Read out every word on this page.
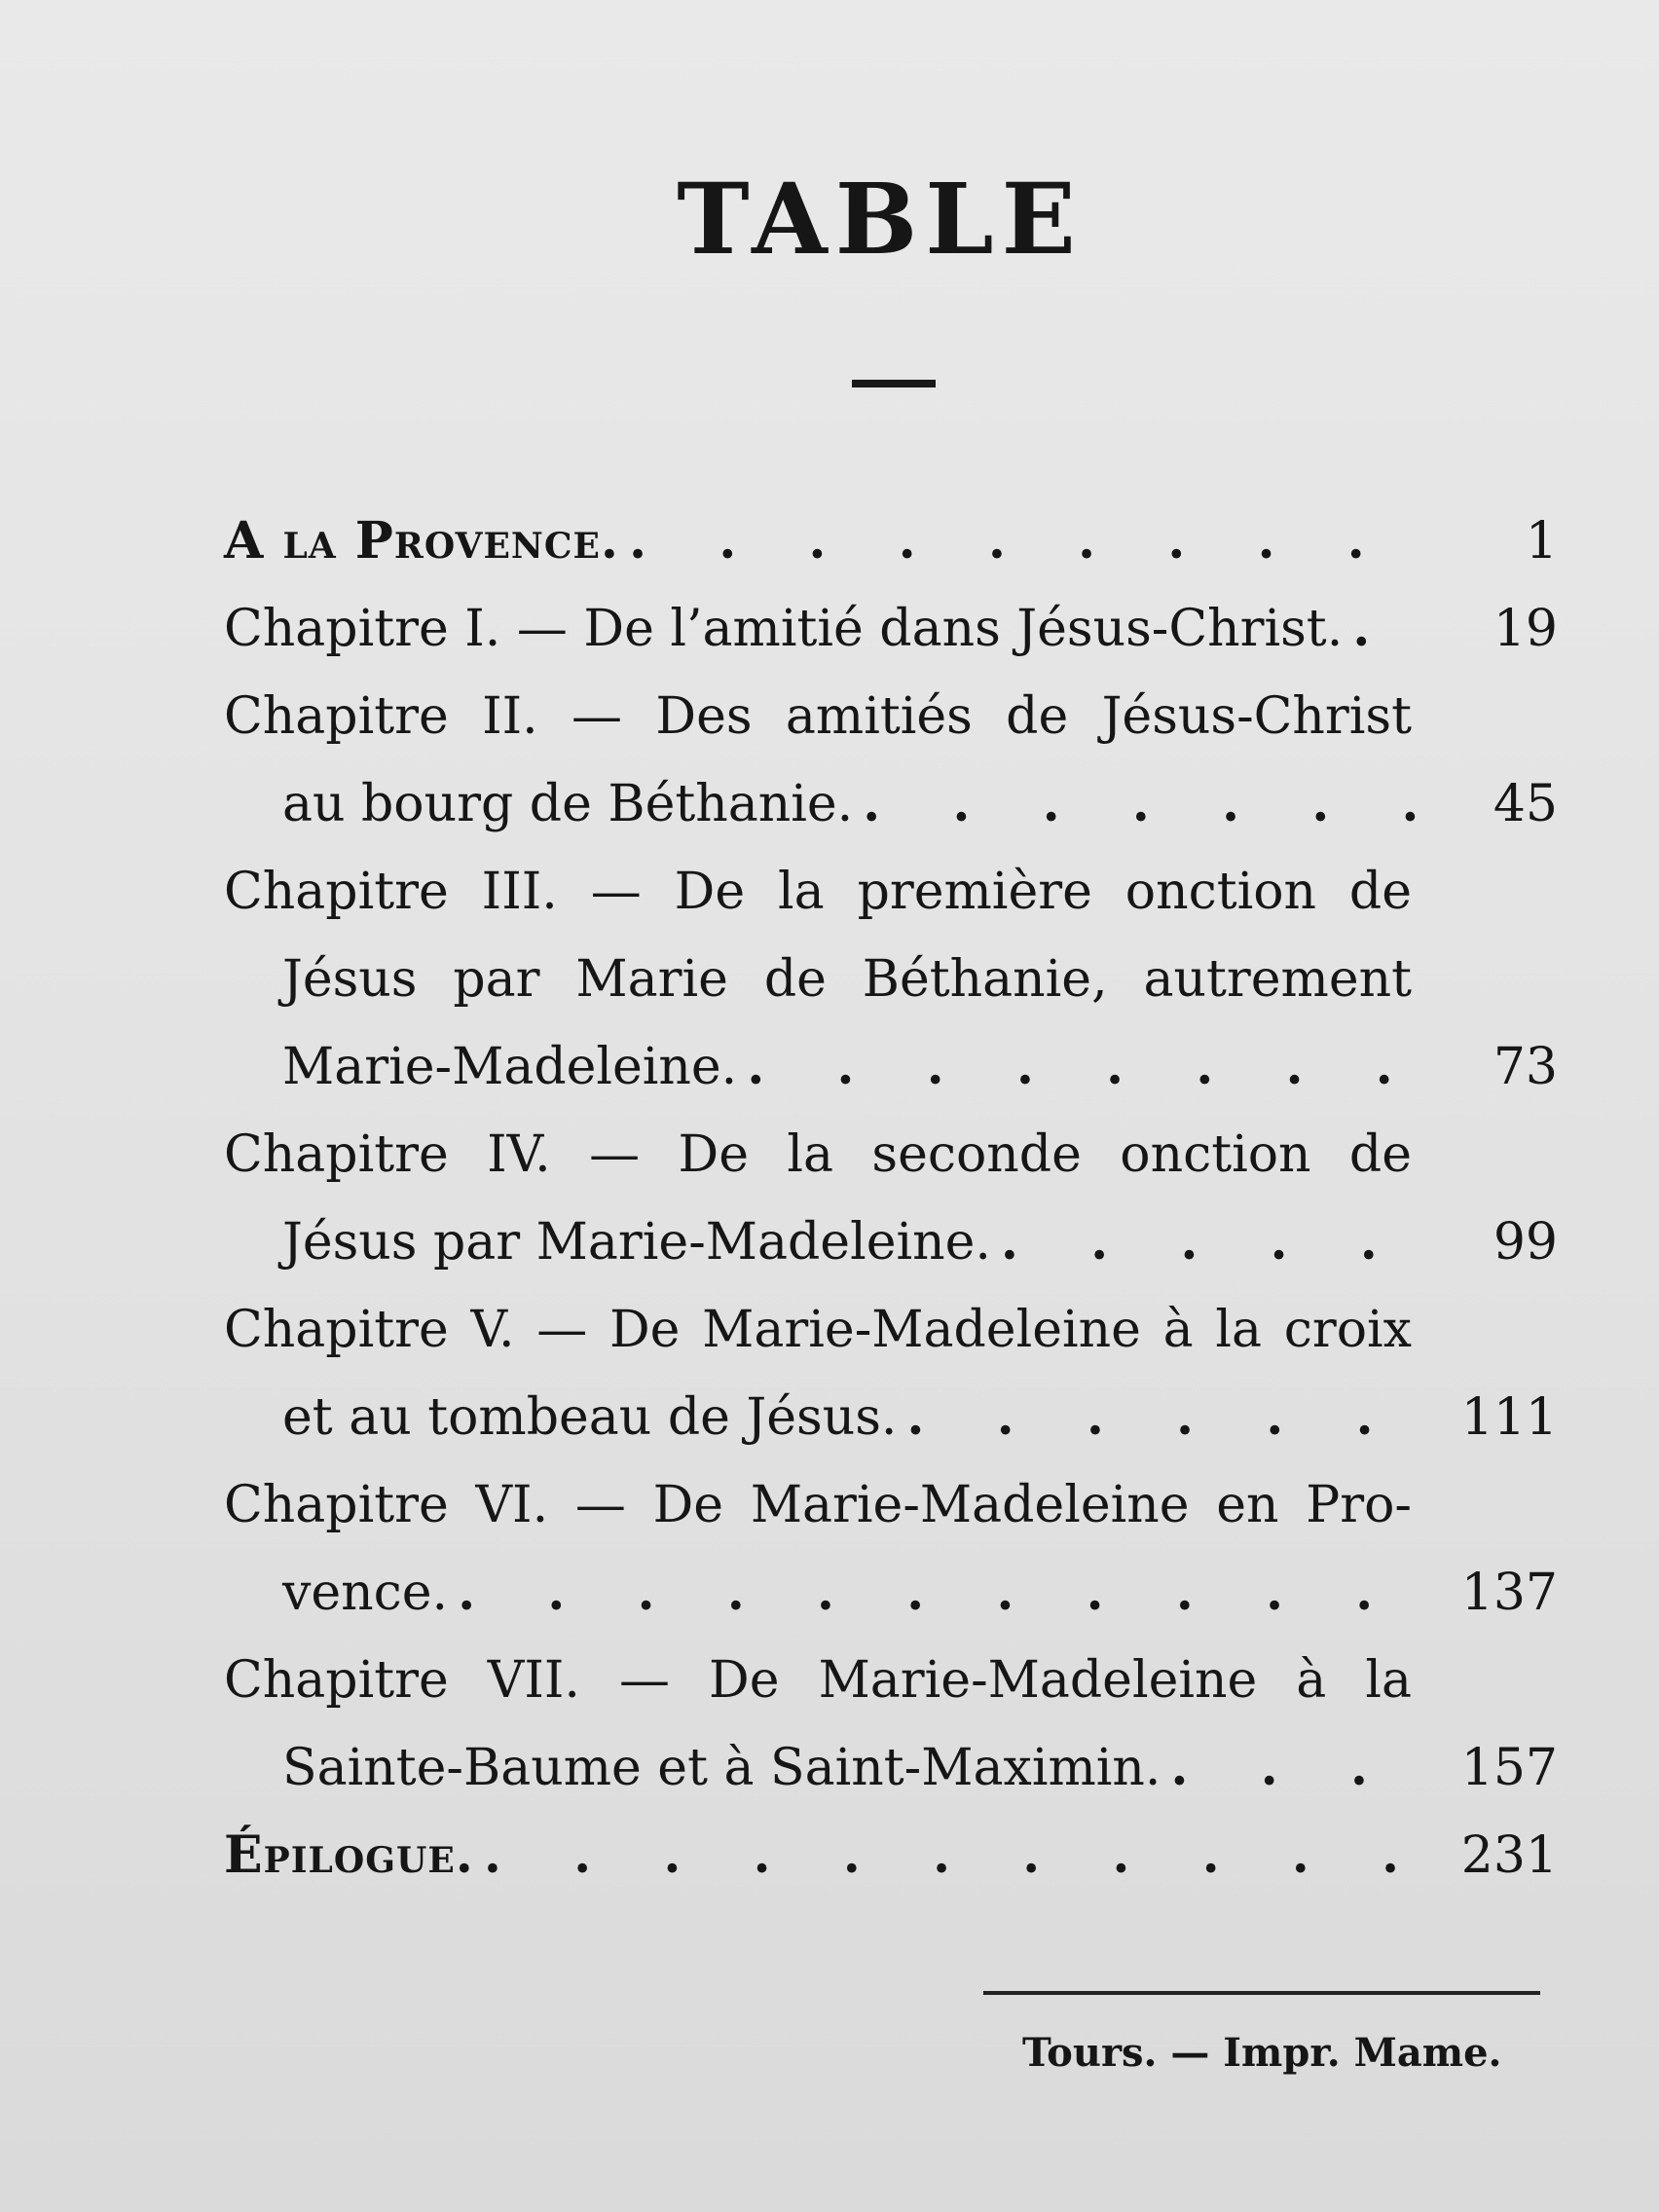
TABLE
A la Provence. . . .	1
Chapitre I. — De l’amitié dans Jésus-Christ. . . .	19
Chapitre II. — Des amitiés de Jésus-Christ
au bourg de Béthanie. . . .	45
Chapitre III. — De la première onction de
Jésus par Marie de Béthanie, autrement
Marie-Madeleine. . . .	73
Chapitre IV. — De la seconde onction de
Jésus par Marie-Madeleine. . . .	99
Chapitre V. — De Marie-Madeleine à la croix
et au tombeau de Jésus. . . .	111
Chapitre VI. — De Marie-Madeleine en Pro-
vence. . . .	137
Chapitre VII. — De Marie-Madeleine à la
Sainte-Baume et à Saint-Maximin. . . .	157
Épilogue. . . .	231
Tours. — Impr. Mame.
